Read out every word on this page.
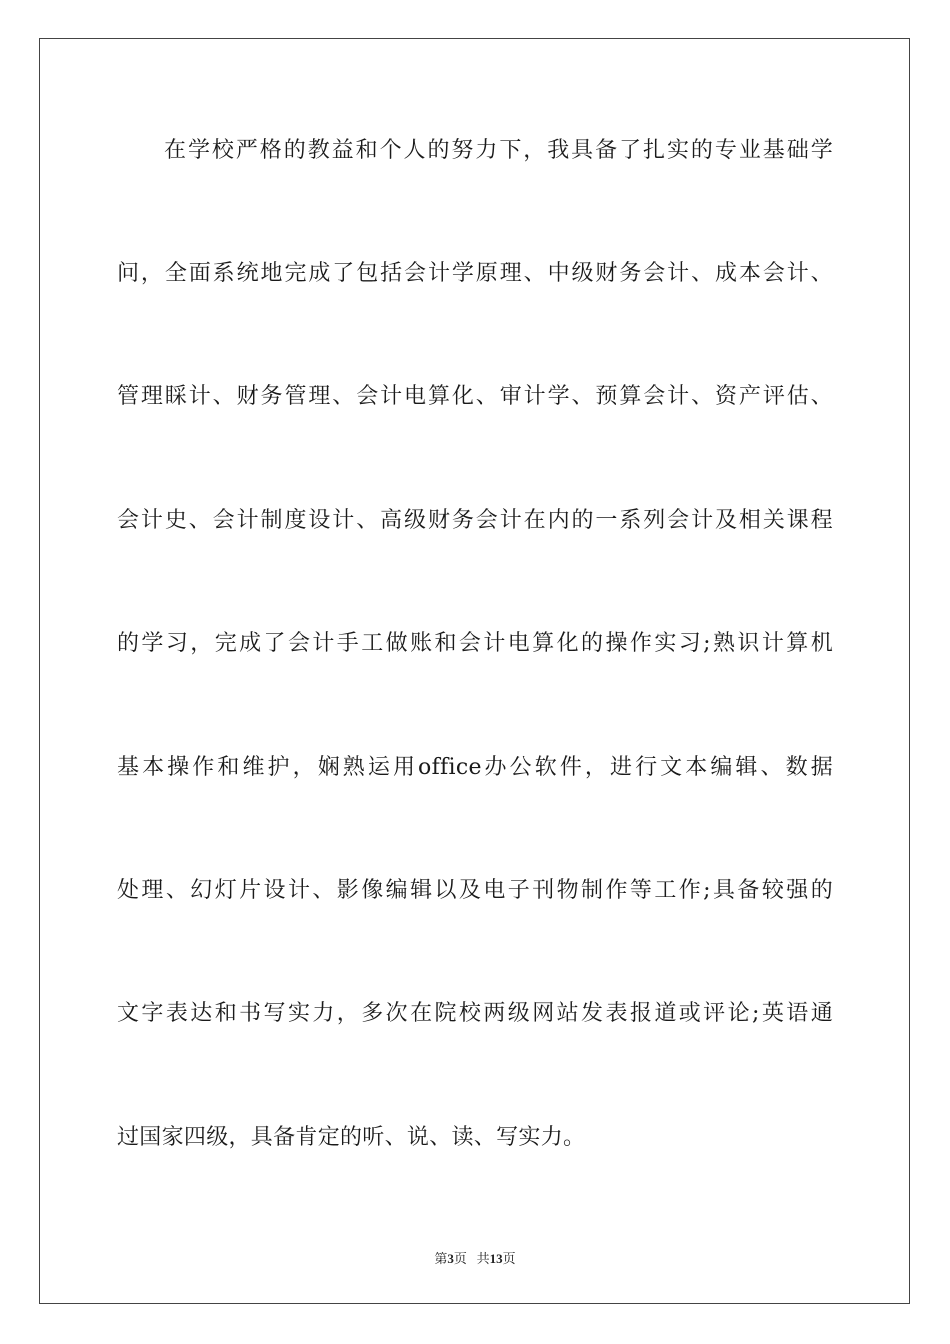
在学校严格的教益和个人的努力下，我具备了扎实的专业基础学
问，全面系统地完成了包括会计学原理、中级财务会计、成本会计、
管理睬计、财务管理、会计电算化、审计学、预算会计、资产评估、
会计史、会计制度设计、高级财务会计在内的一系列会计及相关课程
的学习，完成了会计手工做账和会计电算化的操作实习;熟识计算机
基本操作和维护，娴熟运用office办公软件，进行文本编辑、数据
处理、幻灯片设计、影像编辑以及电子刊物制作等工作;具备较强的
文字表达和书写实力，多次在院校两级网站发表报道或评论;英语通
过国家四级，具备肯定的听、说、读、写实力。
第3页 共13页
